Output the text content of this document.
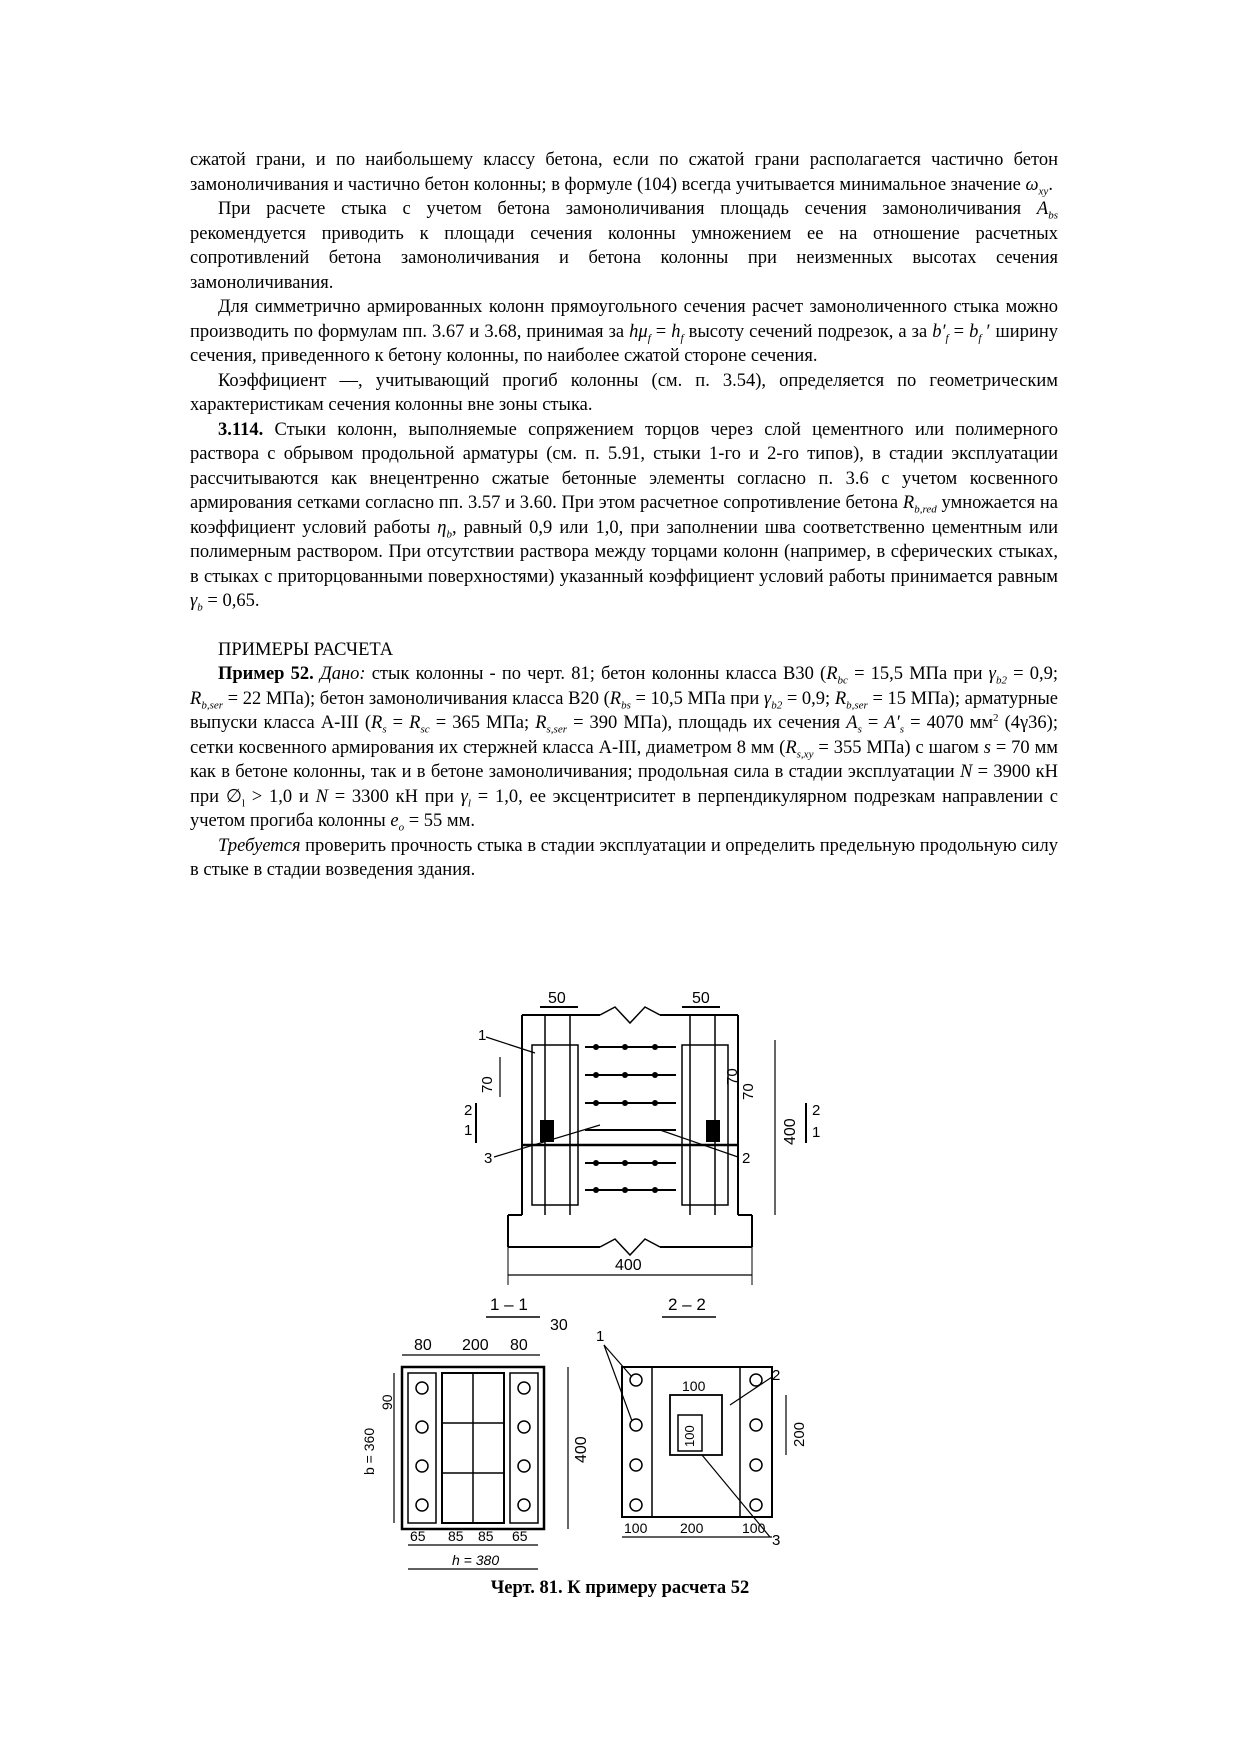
сжатой грани, и по наибольшему классу бетона, если по сжатой грани располагается частично бетон замоноличивания и частично бетон колонны; в формуле (104) всегда учитывается минимальное значение $\omega_{xy}$.

При расчете стыка с учетом бетона замоноличивания площадь сечения замоноличивания $A_{bs}$ рекомендуется приводить к площади сечения колонны умножением ее на отношение расчетных сопротивлений бетона замоноличивания и бетона колонны при неизменных высотах сечения замоноличивания.

Для симметрично армированных колонн прямоугольного сечения расчет замоноличенного стыка можно производить по формулам пп. 3.67 и 3.68, принимая за $h\mu_f = h_f$ высоту сечений подрезок, а за $b'_f = b_f$ ′ ширину сечения, приведенного к бетону колонны, по наиболее сжатой стороне сечения.

Коэффициент —, учитывающий прогиб колонны (см. п. 3.54), определяется по геометрическим характеристикам сечения колонны вне зоны стыка.

3.114. Стыки колонн, выполняемые сопряжением торцов через слой цементного или полимерного раствора с обрывом продольной арматуры (см. п. 5.91, стыки 1-го и 2-го типов), в стадии эксплуатации рассчитываются как внецентренно сжатые бетонные элементы согласно п. 3.6 с учетом косвенного армирования сетками согласно пп. 3.57 и 3.60. При этом расчетное сопротивление бетона $R_{b,red}$ умножается на коэффициент условий работы $\eta_b$, равный 0,9 или 1,0, при заполнении шва соответственно цементным или полимерным раствором. При отсутствии раствора между торцами колонн (например, в сферических стыках, в стыках с приторцованными поверхностями) указанный коэффициент условий работы принимается равным $\gamma_b = 0,65$.

ПРИМЕРЫ РАСЧЕТА

Пример 52. Дано: стык колонны - по черт. 81; бетон колонны класса В30 ($R_{bc} = 15,5$ МПа при $\gamma_{b2} = 0,9$; $R_{b,ser} = 22$ МПа); бетон замоноличивания класса В20 ($R_{bs} = 10,5$ МПа при $\gamma_{b2} = 0,9$; $R_{b,ser} = 15$ МПа); арматурные выпуски класса А-III ($R_s = R_{sc} = 365$ МПа; $R_{s,ser} = 390$ МПа), площадь их сечения $A_s = A'_s = 4070$ $мм^2$ (4γ36); сетки косвенного армирования их стержней класса А-III, диаметром 8 мм ($R_{s,xy} = 355$ МПа) с шагом s = 70 мм как в бетоне колонны, так и в бетоне замоноличивания; продольная сила в стадии эксплуатации N = 3900 кН при $\emptyset_l > 1,0$ и N = 3300 кН при $\gamma_l = 1,0$, ее эксцентриситет в перпендикулярном подрезкам направлении с учетом прогиба колонны $e_o = 55$ мм.

Требуется проверить прочность стыка в стадии эксплуатации и определить предельную продольную силу в стыке в стадии возведения здания.

50	50
70	70
70
400
1
2
1
2
1
3	2
400
1 – 1
80 200 80
30
90
b = 360	400
65 85 85 65
h = 380
2 – 2
100
100	200
1
2
3
100 200	100
Черт. 81. К примеру расчета 52
